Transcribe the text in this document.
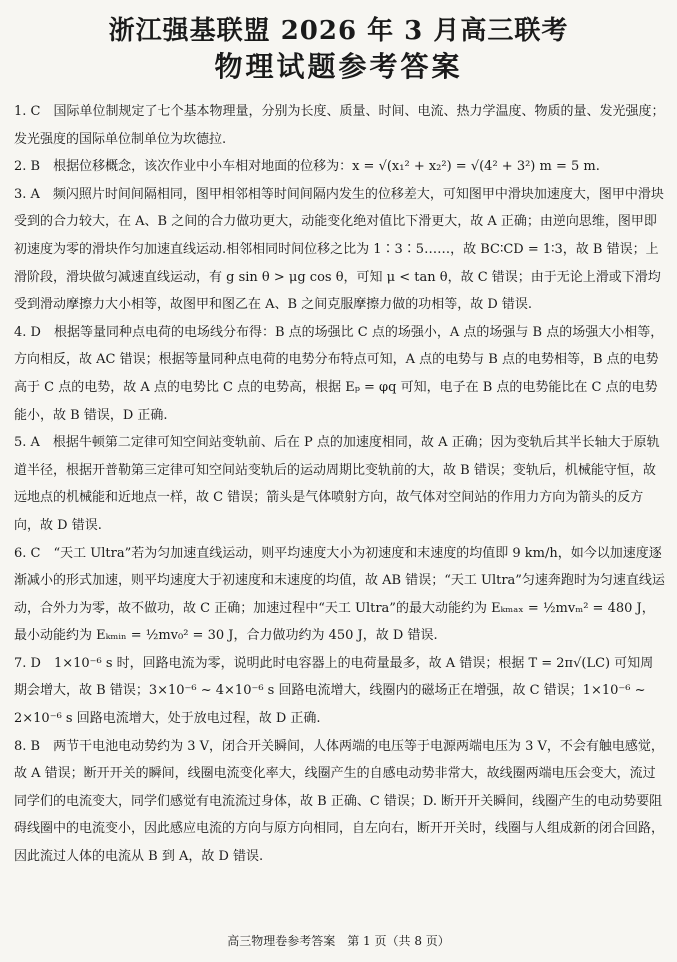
浙江强基联盟 2026 年 3 月高三联考
物理试题参考答案

1. C　国际单位制规定了七个基本物理量，分别为长度、质量、时间、电流、热力学温度、物质的量、发光强度；发光强度的国际单位制单位为坎德拉.

2. B　根据位移概念，该次作业中小车相对地面的位移为：x = √(x₁² + x₂²) = √(4² + 3²) m = 5 m.

3. A　频闪照片时间间隔相同，图甲相邻相等时间间隔内发生的位移差大，可知图甲中滑块加速度大，图甲中滑块受到的合力较大，在 A、B 之间的合力做功更大，动能变化绝对值比下滑更大，故 A 正确；由逆向思维，图甲即初速度为零的滑块作匀加速直线运动.相邻相同时间位移之比为 1∶3∶5……，故 BC∶CD = 1∶3，故 B 错误；上滑阶段，滑块做匀减速直线运动，有 g sin θ > μg cos θ，可知 μ < tan θ，故 C 错误；由于无论上滑或下滑均受到滑动摩擦力大小相等，故图甲和图乙在 A、B 之间克服摩擦力做的功相等，故 D 错误.

4. D　根据等量同种点电荷的电场线分布得：B 点的场强比 C 点的场强小，A 点的场强与 B 点的场强大小相等，方向相反，故 AC 错误；根据等量同种点电荷的电势分布特点可知，A 点的电势与 B 点的电势相等，B 点的电势高于 C 点的电势，故 A 点的电势比 C 点的电势高，根据 Eₚ = φq 可知，电子在 B 点的电势能比在 C 点的电势能小，故 B 错误，D 正确.

5. A　根据牛顿第二定律可知空间站变轨前、后在 P 点的加速度相同，故 A 正确；因为变轨后其半长轴大于原轨道半径，根据开普勒第三定律可知空间站变轨后的运动周期比变轨前的大，故 B 错误；变轨后，机械能守恒，故远地点的机械能和近地点一样，故 C 错误；箭头是气体喷射方向，故气体对空间站的作用力方向为箭头的反方向，故 D 错误.

6. C　“天工 Ultra”若为匀加速直线运动，则平均速度大小为初速度和末速度的均值即 9 km/h，如今以加速度逐渐减小的形式加速，则平均速度大于初速度和末速度的均值，故 AB 错误；“天工 Ultra”匀速奔跑时为匀速直线运动，合外力为零，故不做功，故 C 正确；加速过程中“天工 Ultra”的最大动能约为 Eₖₘₐₓ = ½mvₘ² = 480 J，最小动能约为 Eₖₘᵢₙ = ½mv₀² = 30 J，合力做功约为 450 J，故 D 错误.

7. D　1×10⁻⁶ s 时，回路电流为零，说明此时电容器上的电荷量最多，故 A 错误；根据 T = 2π√(LC) 可知周期会增大，故 B 错误；3×10⁻⁶ ~ 4×10⁻⁶ s 回路电流增大，线圈内的磁场正在增强，故 C 错误；1×10⁻⁶ ~ 2×10⁻⁶ s 回路电流增大，处于放电过程，故 D 正确.

8. B　两节干电池电动势约为 3 V，闭合开关瞬间，人体两端的电压等于电源两端电压为 3 V，不会有触电感觉，故 A 错误；断开开关的瞬间，线圈电流变化率大，线圈产生的自感电动势非常大，故线圈两端电压会变大，流过同学们的电流变大，同学们感觉有电流流过身体，故 B 正确、C 错误；D. 断开开关瞬间，线圈产生的电动势要阻碍线圈中的电流变小，因此感应电流的方向与原方向相同，自左向右，断开开关时，线圈与人组成新的闭合回路，因此流过人体的电流从 B 到 A，故 D 错误.

高三物理卷参考答案　第 1 页（共 8 页）
